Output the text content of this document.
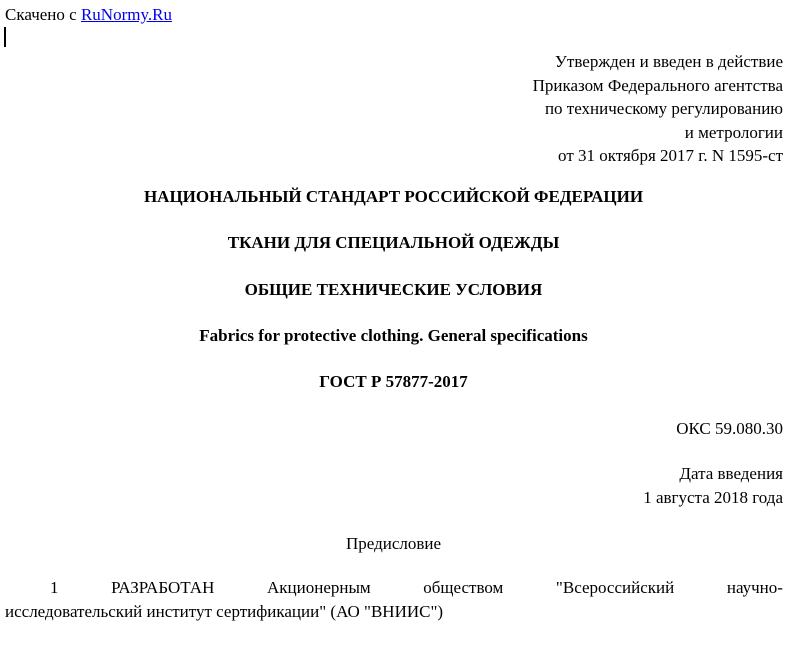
Скачено с RuNormy.Ru
Утвержден и введен в действие
Приказом Федерального агентства
по техническому регулированию
и метрологии
от 31 октября 2017 г. N 1595-ст
НАЦИОНАЛЬНЫЙ СТАНДАРТ РОССИЙСКОЙ ФЕДЕРАЦИИ
ТКАНИ ДЛЯ СПЕЦИАЛЬНОЙ ОДЕЖДЫ
ОБЩИЕ ТЕХНИЧЕСКИЕ УСЛОВИЯ
Fabrics for protective clothing. General specifications
ГОСТ Р 57877-2017
ОКС 59.080.30
Дата введения
1 августа 2018 года
Предисловие
1	РАЗРАБОТАН	Акционерным	обществом	"Всероссийский	научно-
исследовательский институт сертификации" (АО "ВНИИС")
